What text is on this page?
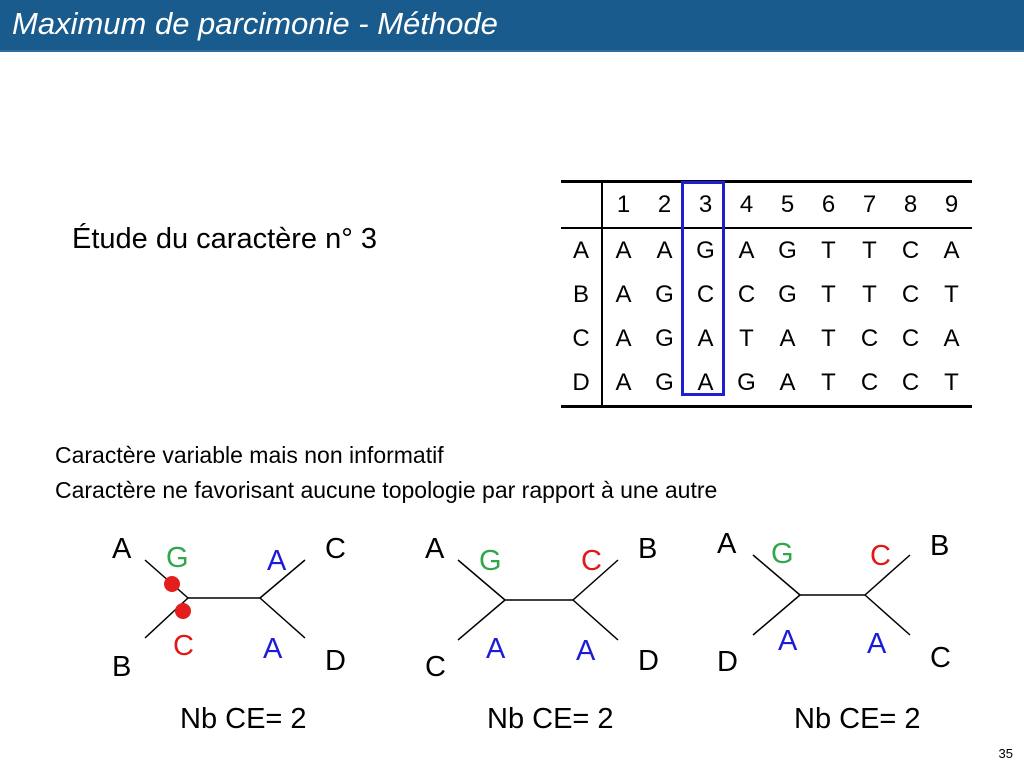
Maximum de parcimonie - Méthode
Étude du caractère n° 3
	1	2	3	4	5	6	7	8	9
A	A	A	G	A	G	T	T	C	A
B	A	G	C	C	G	T	T	C	T
C	A	G	A	T	A	T	C	C	A
D	A	G	A	G	A	T	C	C	T
Caractère variable mais non informatif
Caractère ne favorisant aucune topologie par rapport à une autre
A	C
B	D
G	A
C A
A	B
C	D
G	C
A A
A	B
D	C
G	C
A A
Nb CE= 2	Nb CE= 2	Nb CE= 2
35
